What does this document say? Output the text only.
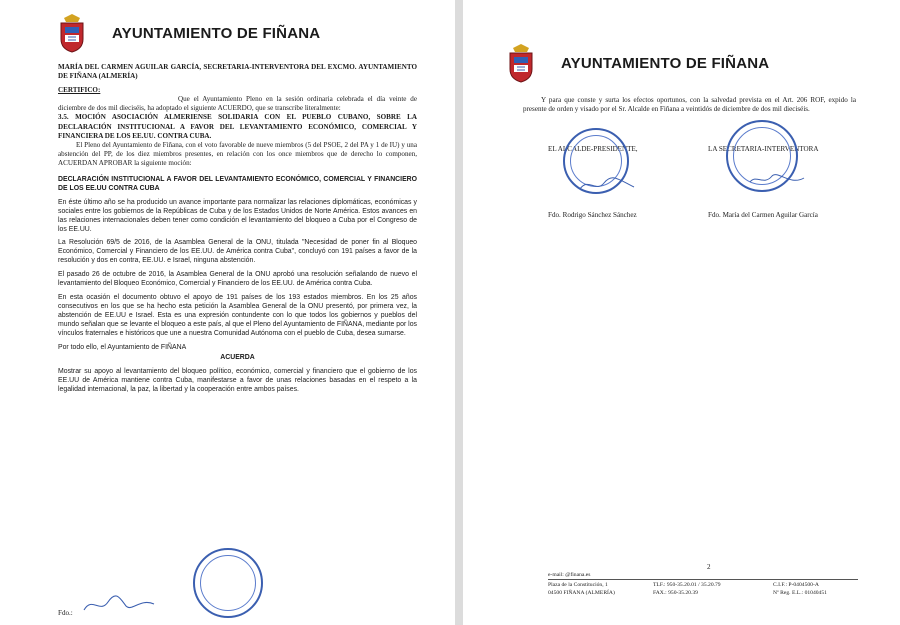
AYUNTAMIENTO DE FIÑANA

MARÍA DEL CARMEN AGUILAR GARCÍA, SECRETARIA-INTERVENTORA DEL EXCMO. AYUNTAMIENTO DE FIÑANA (ALMERÍA)

CERTIFICO:

Que el Ayuntamiento Pleno en la sesión ordinaria celebrada el día veinte de diciembre de dos mil dieciséis, ha adoptado el siguiente ACUERDO, que se transcribe literalmente:

3.5. MOCIÓN ASOCIACIÓN ALMERIENSE SOLIDARIA CON EL PUEBLO CUBANO, SOBRE LA DECLARACIÓN INSTITUCIONAL A FAVOR DEL LEVANTAMIENTO ECONÓMICO, COMERCIAL Y FINANCIERA DE LOS EE.UU. CONTRA CUBA.

El Pleno del Ayuntamiento de Fiñana, con el voto favorable de nueve miembros (5 del PSOE, 2 del PA y 1 de IU) y una abstención del PP, de los diez miembros presentes, en relación con los once miembros que de derecho lo componen, ACUERDAN APROBAR la siguiente moción:

DECLARACIÓN INSTITUCIONAL A FAVOR DEL LEVANTAMIENTO ECONÓMICO, COMERCIAL Y FINANCIERO DE LOS EE.UU CONTRA CUBA

En éste último año se ha producido un avance importante para normalizar las relaciones diplomáticas, económicas y sociales entre los gobiernos de la Repúblicas de Cuba y de los Estados Unidos de Norte América. Estos avances en las relaciones internacionales deben tener como condición el levantamiento del bloqueo a Cuba por el Congreso de los EE.UU.

La Resolución 69/5 de 2016, de la Asamblea General de la ONU, titulada "Necesidad de poner fin al Bloqueo Económico, Comercial y Financiero de los EE.UU. de América contra Cuba", concluyó con 191 países a favor de la resolución y dos en contra, EE.UU. e Israel, ninguna abstención.

El pasado 26 de octubre de 2016, la Asamblea General de la ONU aprobó una resolución señalando de nuevo el levantamiento del Bloqueo Económico, Comercial y Financiero de los EE.UU. de América contra Cuba.

En esta ocasión el documento obtuvo el apoyo de 191 países de los 193 estados miembros. En los 25 años consecutivos en los que se ha hecho esta petición la Asamblea General de la ONU presentó, por primera vez, la abstención de EE.UU e Israel. Esta es una expresión contundente con lo que todos los gobiernos y pueblos del mundo señalan que se levante el bloqueo a este país, al que el Pleno del Ayuntamiento de FIÑANA, mediante por los vínculos fraternales e históricos que une a nuestra Comunidad Autónoma con el pueblo de Cuba, desea sumarse.

Por todo ello, el Ayuntamiento de FIÑANA

ACUERDA

Mostrar su apoyo al levantamiento del bloqueo político, económico, comercial y financiero que el gobierno de los EE.UU de América mantiene contra Cuba, manifestarse a favor de unas relaciones basadas en el respeto a la legalidad internacional, la paz, la libertad y la cooperación entre ambos países.

Fdo.:
AYUNTAMIENTO DE FIÑANA

Y para que conste y surta los efectos oportunos, con la salvedad prevista en el Art. 206 ROF, expido la presente de orden y visado por el Sr. Alcalde en Fiñana a veintidós de diciembre de dos mil dieciséis.

EL ALCALDE-PRESIDENTE,	LA SECRETARIA-INTERVENTORA
Fdo. Rodrigo Sánchez Sánchez	Fdo. María del Carmen Aguilar García
2
e-mail: @finana.es
Plaza de la Constitución, 1
04500 FIÑANA (ALMERÍA)
TLF.: 950-35.20.01 / 35.20.79
FAX.: 950-35.20.39
C.I.F.: P-0404500-A
Nº Reg. E.L.: 01040451
